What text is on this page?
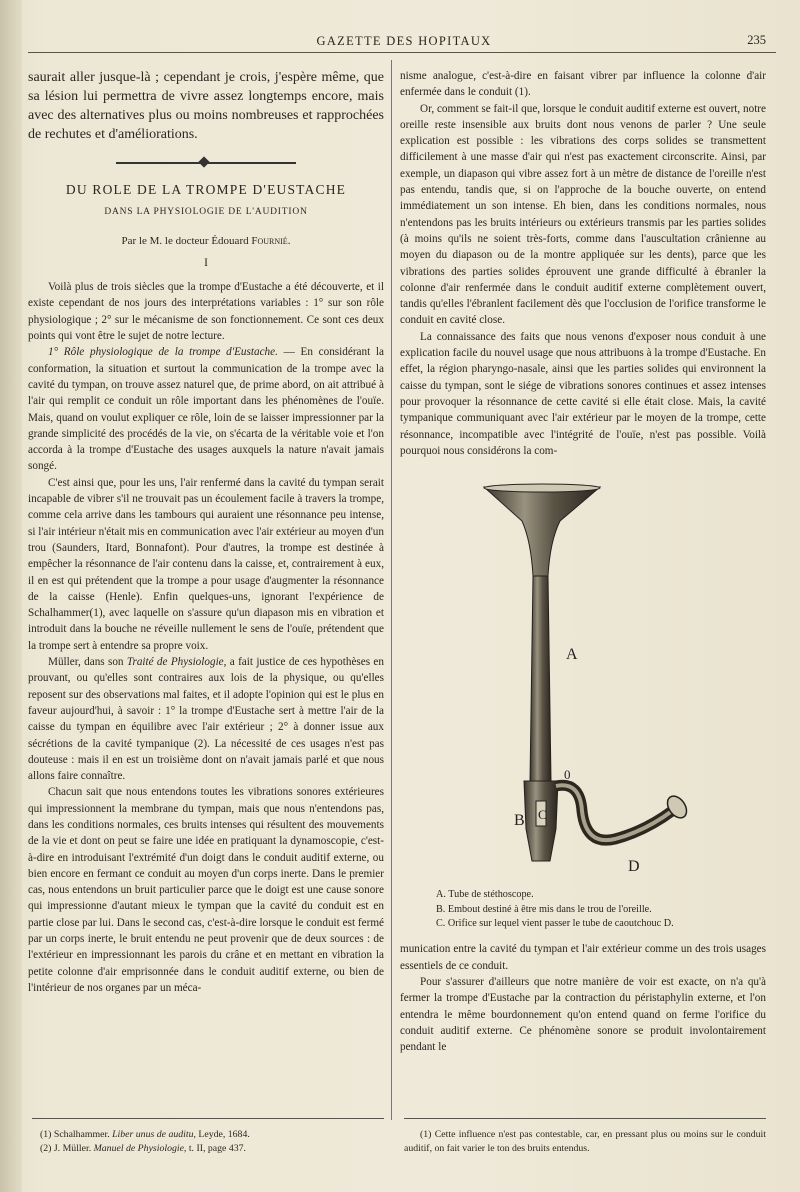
GAZETTE DES HOPITAUX	235

saurait aller jusque-là ; cependant je crois, j'espère même, que sa lésion lui permettra de vivre assez longtemps encore, mais avec des alternatives plus ou moins nombreuses et rapprochées de rechutes et d'améliorations.

DU ROLE DE LA TROMPE D'EUSTACHE
DANS LA PHYSIOLOGIE DE L'AUDITION
Par le M. le docteur Édouard Fournié.
I

Voilà plus de trois siècles que la trompe d'Eustache a été découverte, et il existe cependant de nos jours des interprétations variables : 1° sur son rôle physiologique ; 2° sur le mécanisme de son fonctionnement. Ce sont ces deux points qui vont être le sujet de notre lecture.

1° Rôle physiologique de la trompe d'Eustache. — En considérant la conformation, la situation et surtout la communication de la trompe avec la cavité du tympan, on trouve assez naturel que, de prime abord, on ait attribué à l'air qui remplit ce conduit un rôle important dans les phénomènes de l'ouïe. Mais, quand on voulut expliquer ce rôle, loin de se laisser impressionner par la grande simplicité des procédés de la vie, on s'écarta de la véritable voie et l'on accorda à la trompe d'Eustache des usages auxquels la nature n'avait jamais songé.

C'est ainsi que, pour les uns, l'air renfermé dans la cavité du tympan serait incapable de vibrer s'il ne trouvait pas un écoulement facile à travers la trompe, comme cela arrive dans les tambours qui auraient une résonnance peu intense, si l'air intérieur n'était mis en communication avec l'air extérieur au moyen d'un trou (Saunders, Itard, Bonnafont). Pour d'autres, la trompe est destinée à empêcher la résonnance de l'air contenu dans la caisse, et, contrairement à eux, il en est qui prétendent que la trompe a pour usage d'augmenter la résonnance de la caisse (Henle). Enfin quelques-uns, ignorant l'expérience de Schalhammer(1), avec laquelle on s'assure qu'un diapason mis en vibration et introduit dans la bouche ne réveille nullement le sens de l'ouïe, prétendent que la trompe sert à entendre sa propre voix.

Müller, dans son Traité de Physiologie, a fait justice de ces hypothèses en prouvant, ou qu'elles sont contraires aux lois de la physique, ou qu'elles reposent sur des observations mal faites, et il adopte l'opinion qui est le plus en faveur aujourd'hui, à savoir : 1° la trompe d'Eustache sert à mettre l'air de la caisse du tympan en équilibre avec l'air extérieur ; 2° à donner issue aux sécrétions de la cavité tympanique (2). La nécessité de ces usages n'est pas douteuse : mais il en est un troisième dont on n'avait jamais parlé et que nous allons faire connaître.

Chacun sait que nous entendons toutes les vibrations sonores extérieures qui impressionnent la membrane du tympan, mais que nous n'entendons pas, dans les conditions normales, ces bruits intenses qui résultent des mouvements de la vie et dont on peut se faire une idée en pratiquant la dynamoscopie, c'est-à-dire en introduisant l'extrémité d'un doigt dans le conduit auditif externe, ou bien encore en fermant ce conduit au moyen d'un corps inerte. Dans le premier cas, nous entendons un bruit particulier parce que le doigt est une cause sonore qui impressionne d'autant mieux le tympan que la cavité du conduit est en partie close par lui. Dans le second cas, c'est-à-dire lorsque le conduit est fermé par un corps inerte, le bruit entendu ne peut provenir que de deux sources : de l'extérieur en impressionnant les parois du crâne et en mettant en vibration la petite colonne d'air emprisonnée dans le conduit auditif externe, ou bien de l'intérieur de nos organes par un méca-

nisme analogue, c'est-à-dire en faisant vibrer par influence la colonne d'air enfermée dans le conduit (1).

Or, comment se fait-il que, lorsque le conduit auditif externe est ouvert, notre oreille reste insensible aux bruits dont nous venons de parler ? Une seule explication est possible : les vibrations des corps solides se transmettent difficilement à une masse d'air qui n'est pas exactement circonscrite. Ainsi, par exemple, un diapason qui vibre assez fort à un mètre de distance de l'oreille n'est pas entendu, tandis que, si on l'approche de la bouche ouverte, on entend immédiatement un son intense. Eh bien, dans les conditions normales, nous n'entendons pas les bruits intérieurs ou extérieurs transmis par les parties solides (à moins qu'ils ne soient très-forts, comme dans l'auscultation crânienne au moyen du diapason ou de la montre appliquée sur les dents), parce que les vibrations des parties solides éprouvent une grande difficulté à ébranler la colonne d'air renfermée dans le conduit auditif externe complètement ouvert, tandis qu'elles l'ébranlent facilement dès que l'occlusion de l'orifice transforme le conduit en cavité close.

La connaissance des faits que nous venons d'exposer nous conduit à une explication facile du nouvel usage que nous attribuons à la trompe d'Eustache. En effet, la région pharyngo-nasale, ainsi que les parties solides qui environnent la caisse du tympan, sont le siége de vibrations sonores continues et assez intenses pour provoquer la résonnance de cette cavité si elle était close. Mais, la cavité tympanique communiquant avec l'air extérieur par le moyen de la trompe, cette résonnance, incompatible avec l'intégrité de l'ouïe, n'est pas possible. Voilà pourquoi nous considérons la com-

A
B C
D
0
A. Tube de stéthoscope.
B. Embout destiné à être mis dans le trou de l'oreille.
C. Orifice sur lequel vient passer le tube de caoutchouc D.

munication entre la cavité du tympan et l'air extérieur comme un des trois usages essentiels de ce conduit.

Pour s'assurer d'ailleurs que notre manière de voir est exacte, on n'a qu'à fermer la trompe d'Eustache par la contraction du péristaphylin externe, et l'on entendra le même bourdonnement qu'on entend quand on ferme l'orifice du conduit auditif externe. Ce phénomène sonore se produit involontairement pendant le

(1) Schalhammer. Liber unus de auditu, Leyde, 1684.
(2) J. Müller. Manuel de Physiologie, t. II, page 437.
(1) Cette influence n'est pas contestable, car, en pressant plus ou moins sur le conduit auditif, on fait varier le ton des bruits entendus.
